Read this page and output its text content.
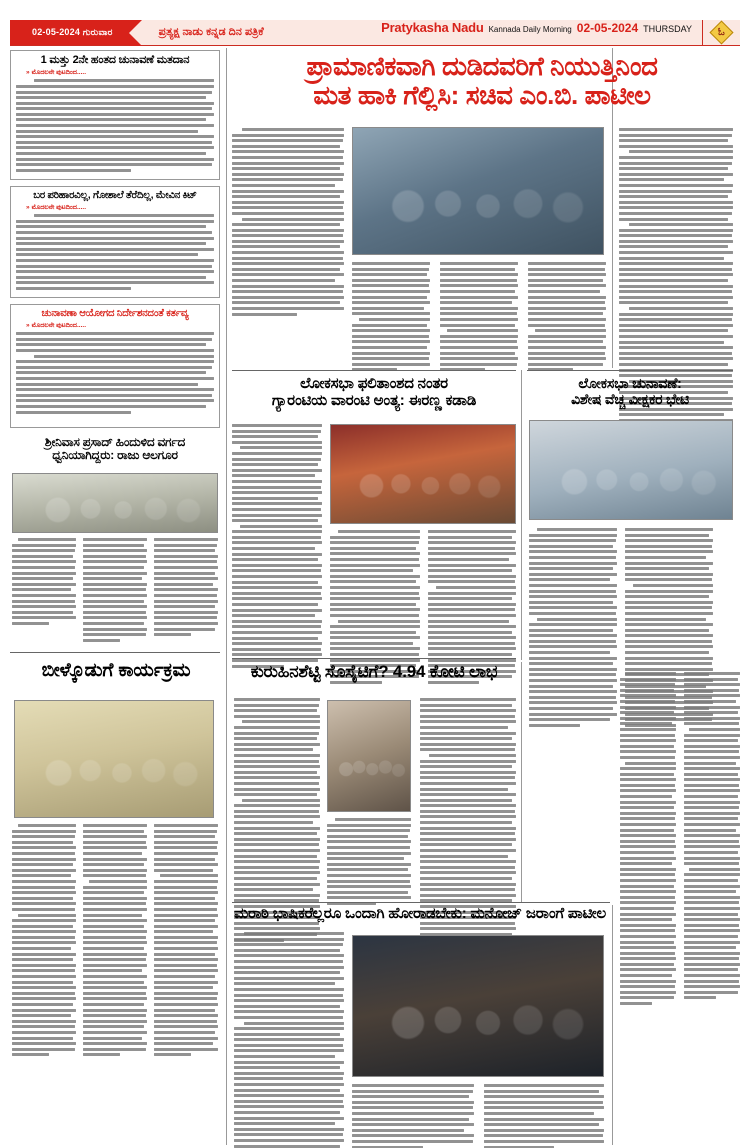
02-05-2024 ಗುರುವಾರ	ಪ್ರತ್ಯಕ್ಷ ನಾಡು ಕನ್ನಡ ದಿನ ಪತ್ರಿಕೆ	Pratykasha Nadu Kannada Daily Morning 02-05-2024 THURSDAY	ಓ
ಪ್ರಾಮಾಣಿಕವಾಗಿ ದುಡಿದವರಿಗೆ ನಿಯುತ್ತಿನಿಂದ
ಮತ ಹಾಕಿ ಗೆಲ್ಲಿಸಿ: ಸಚಿವ ಎಂ.ಬಿ. ಪಾಟೀಲ
1 ಮತ್ತು 2ನೇ ಹಂತದ ಚುನಾವಣೆ ಮತದಾನ
» ಮೊದಲನೇ ಪುಟದಿಂದ.....
ಬರ ಪರಿಹಾರವಿಲ್ಲ, ಗೋಶಾಲೆ ತೆರೆದಿಲ್ಲ, ಮೇವಿನ ಕಿಟ್
» ಮೊದಲನೇ ಪುಟದಿಂದ.....
ಚುನಾವಣಾ ಆಯೋಗದ ನಿರ್ದೇಶನದಂತೆ ಕರ್ತವ್ಯ
» ಮೊದಲನೇ ಪುಟದಿಂದ.....
ಶ್ರೀನಿವಾಸ ಪ್ರಸಾದ್ ಹಿಂದುಳಿದ ವರ್ಗದ
ಧ್ವನಿಯಾಗಿದ್ದರು: ರಾಜು ಆಲಗೂರ
ಬೀಳ್ಕೊಡುಗೆ ಕಾರ್ಯಕ್ರಮ
ಲೋಕಸಭಾ ಫಲಿತಾಂಶದ ನಂತರ
ಗ್ಯಾರಂಟಿಯ ವಾರಂಟಿ ಅಂತ್ಯ: ಈರಣ್ಣ ಕಡಾಡಿ
ಲೋಕಸಭಾ ಚುನಾವಣೆ:
ವಿಶೇಷ ವೆಚ್ಚ ವೀಕ್ಷಕರ ಭೇಟಿ
ಕುರುಹಿನಶೆಟ್ಟಿ ಸೊಸೈಟಿಗೆ? 4.94 ಕೋಟಿ ಲಾಭ
ಮರಾಠಿ ಭಾಷಿಕರೆಲ್ಲರೂ ಒಂದಾಗಿ ಹೋರಾಡಬೇಕು: ಮನೋಜ್ ಜರಾಂಗೆ ಪಾಟೀಲ
